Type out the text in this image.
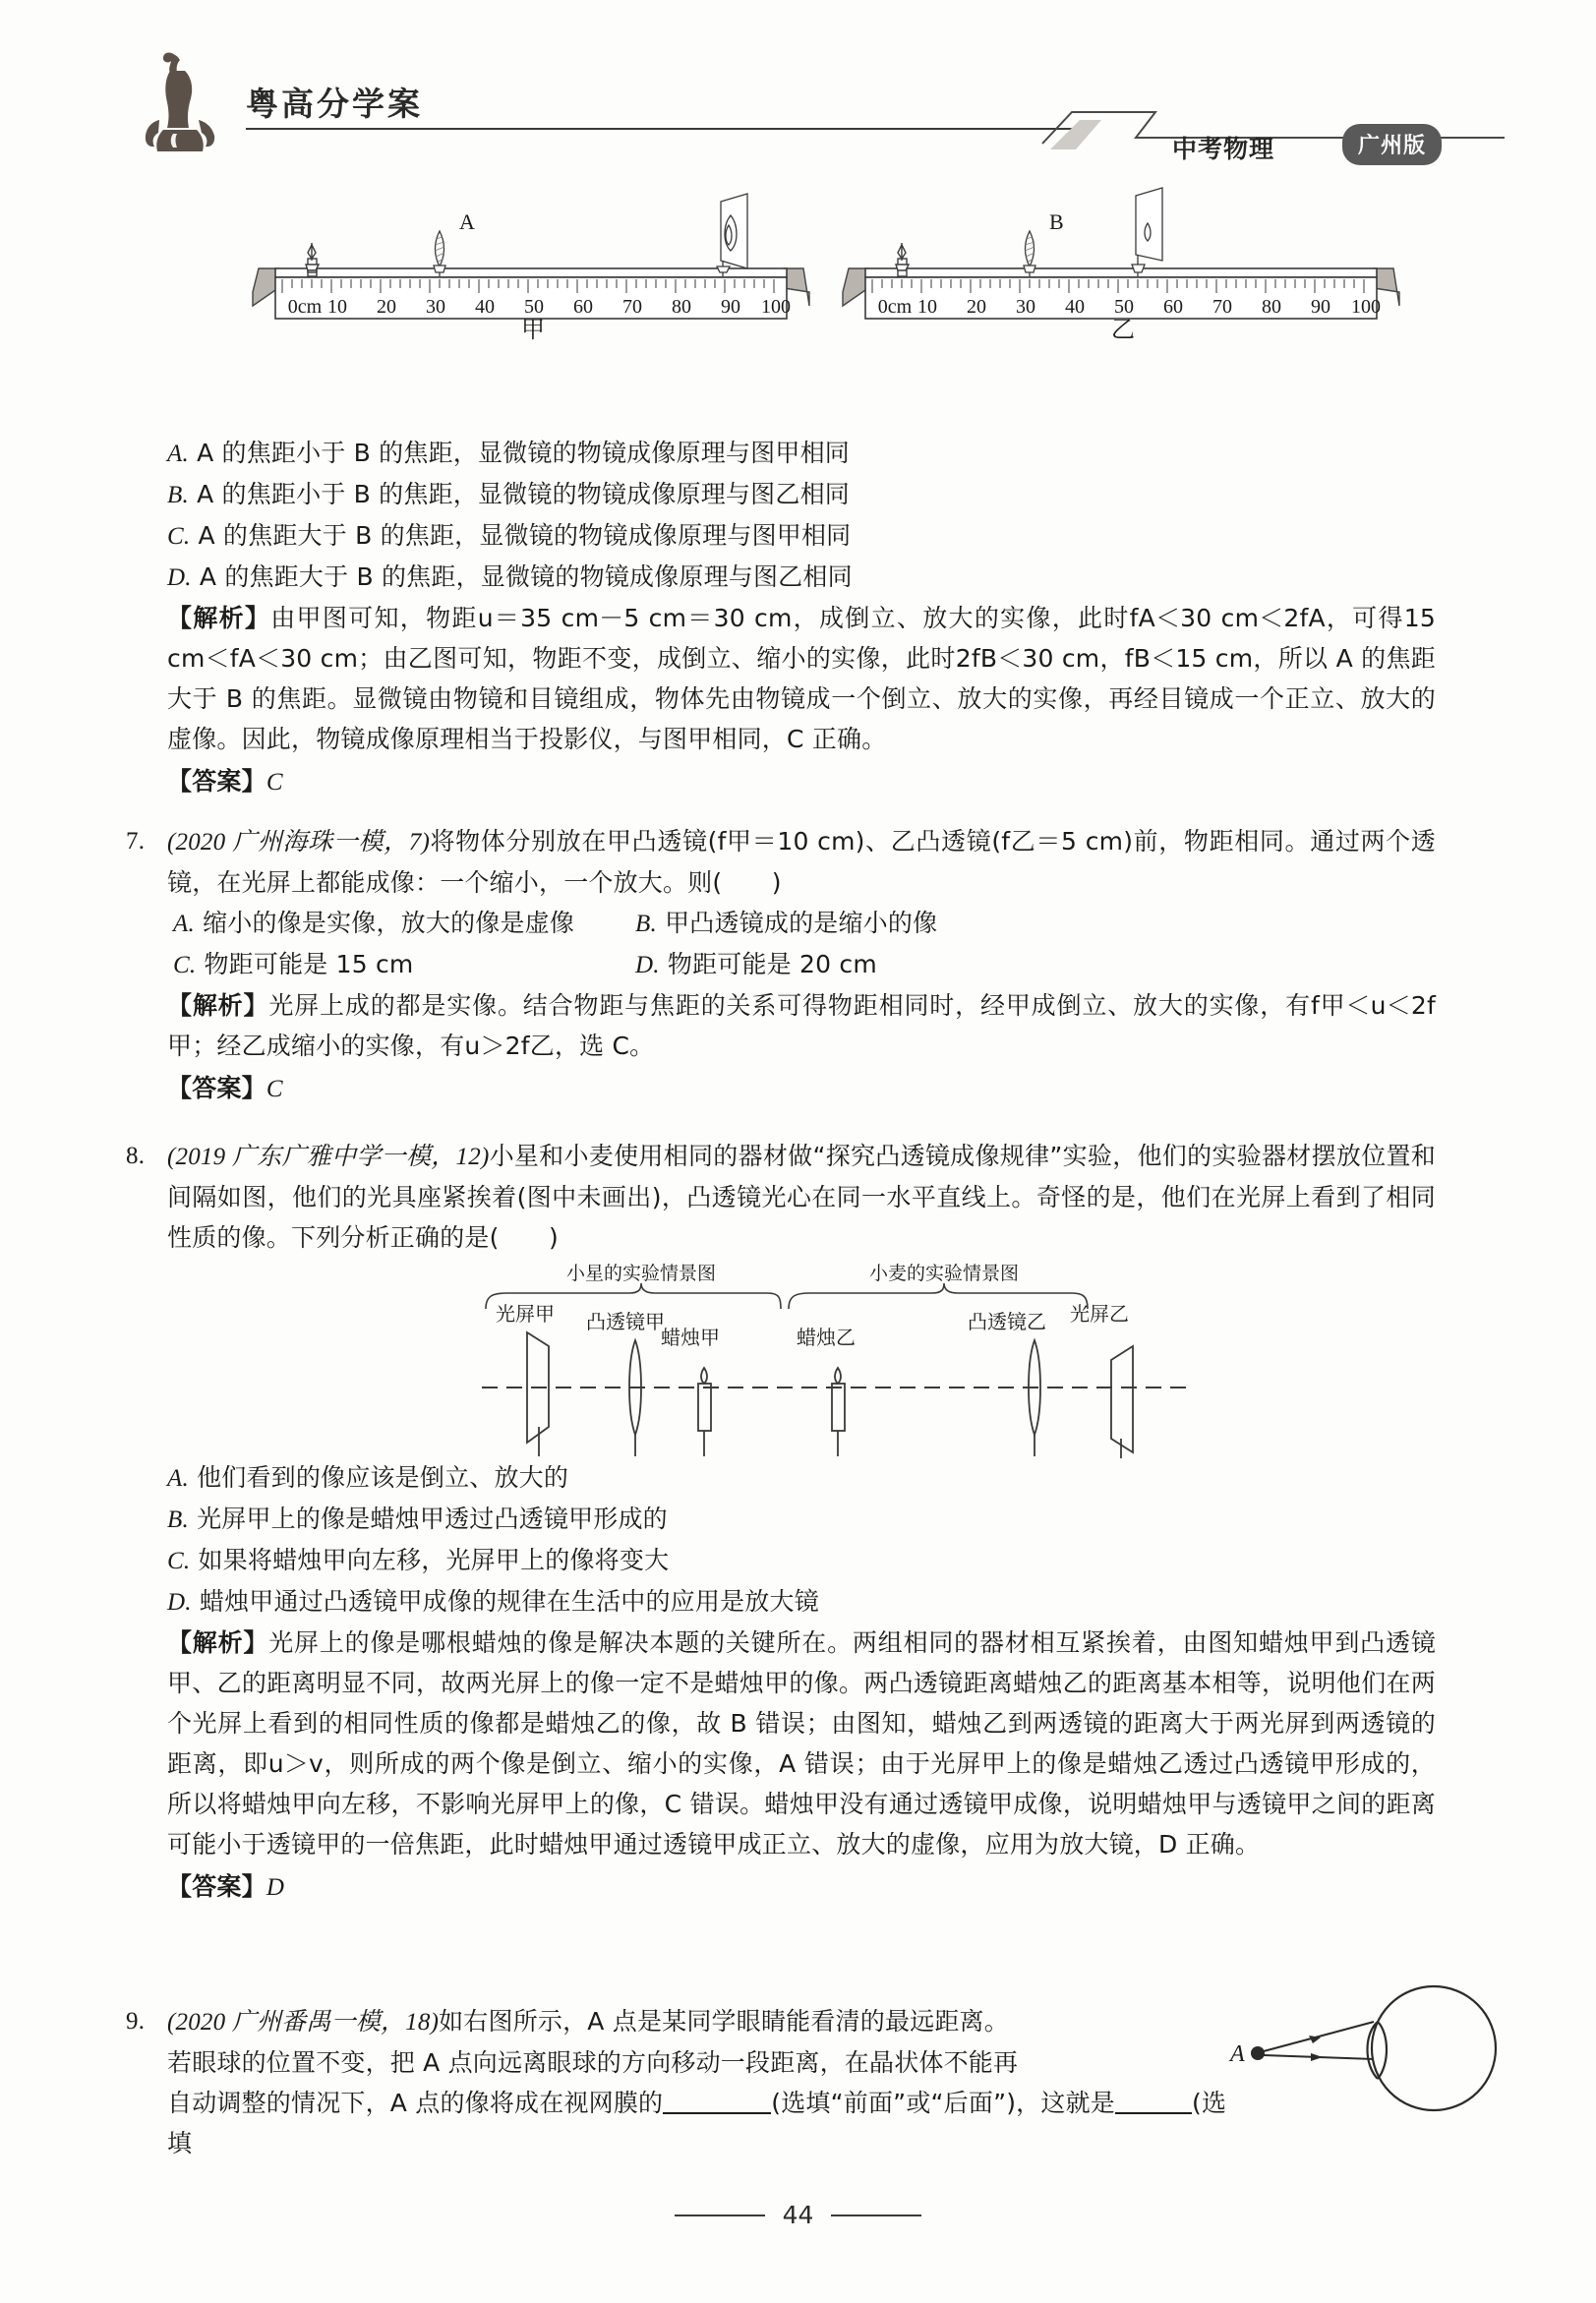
粤高分学案
中考物理	广州版
0cm 10 20 30 40 50 60 70 80 90 100
A
甲
0cm 10 20 30 40 50 60 70 80 90 100
B
乙
A. A 的焦距小于 B 的焦距，显微镜的物镜成像原理与图甲相同
B. A 的焦距小于 B 的焦距，显微镜的物镜成像原理与图乙相同
C. A 的焦距大于 B 的焦距，显微镜的物镜成像原理与图甲相同
D. A 的焦距大于 B 的焦距，显微镜的物镜成像原理与图乙相同
【解析】由甲图可知，物距u＝35 cm－5 cm＝30 cm，成倒立、放大的实像，此时fA＜30 cm＜2fA，可得15 cm＜fA＜30 cm；由乙图可知，物距不变，成倒立、缩小的实像，此时2fB＜30 cm，fB＜15 cm，所以 A 的焦距大于 B 的焦距。显微镜由物镜和目镜组成，物体先由物镜成一个倒立、放大的实像，再经目镜成一个正立、放大的虚像。因此，物镜成像原理相当于投影仪，与图甲相同，C 正确。
【答案】C
7. (2020 广州海珠一模，7)将物体分别放在甲凸透镜(f甲＝10 cm)、乙凸透镜(f乙＝5 cm)前，物距相同。通过两个透镜，在光屏上都能成像：一个缩小，一个放大。则(　　)
A. 缩小的像是实像，放大的像是虚像	B. 甲凸透镜成的是缩小的像
C. 物距可能是 15 cm	D. 物距可能是 20 cm
【解析】光屏上成的都是实像。结合物距与焦距的关系可得物距相同时，经甲成倒立、放大的实像，有f甲＜u＜2f甲；经乙成缩小的实像，有u＞2f乙，选 C。
【答案】C
8. (2019 广东广雅中学一模，12)小星和小麦使用相同的器材做“探究凸透镜成像规律”实验，他们的实验器材摆放位置和间隔如图，他们的光具座紧挨着(图中未画出)，凸透镜光心在同一水平直线上。奇怪的是，他们在光屏上看到了相同性质的像。下列分析正确的是(　　)
小星的实验情景图	小麦的实验情景图
光屏甲 凸透镜甲
蜡烛甲	蜡烛乙
凸透镜乙 光屏乙
A. 他们看到的像应该是倒立、放大的
B. 光屏甲上的像是蜡烛甲透过凸透镜甲形成的
C. 如果将蜡烛甲向左移，光屏甲上的像将变大
D. 蜡烛甲通过凸透镜甲成像的规律在生活中的应用是放大镜
【解析】光屏上的像是哪根蜡烛的像是解决本题的关键所在。两组相同的器材相互紧挨着，由图知蜡烛甲到凸透镜甲、乙的距离明显不同，故两光屏上的像一定不是蜡烛甲的像。两凸透镜距离蜡烛乙的距离基本相等，说明他们在两个光屏上看到的相同性质的像都是蜡烛乙的像，故 B 错误；由图知，蜡烛乙到两透镜的距离大于两光屏到两透镜的距离，即u＞v，则所成的两个像是倒立、缩小的实像，A 错误；由于光屏甲上的像是蜡烛乙透过凸透镜甲形成的，所以将蜡烛甲向左移，不影响光屏甲上的像，C 错误。蜡烛甲没有通过透镜甲成像，说明蜡烛甲与透镜甲之间的距离可能小于透镜甲的一倍焦距，此时蜡烛甲通过透镜甲成正立、放大的虚像，应用为放大镜，D 正确。
【答案】D
9. (2020 广州番禺一模，18)如右图所示，A 点是某同学眼睛能看清的最远距离。
若眼球的位置不变，把 A 点向远离眼球的方向移动一段距离，在晶状体不能再
自动调整的情况下，A 点的像将成在视网膜的	(选填“前面”或“后面”)，这就是	(选填
A
44
